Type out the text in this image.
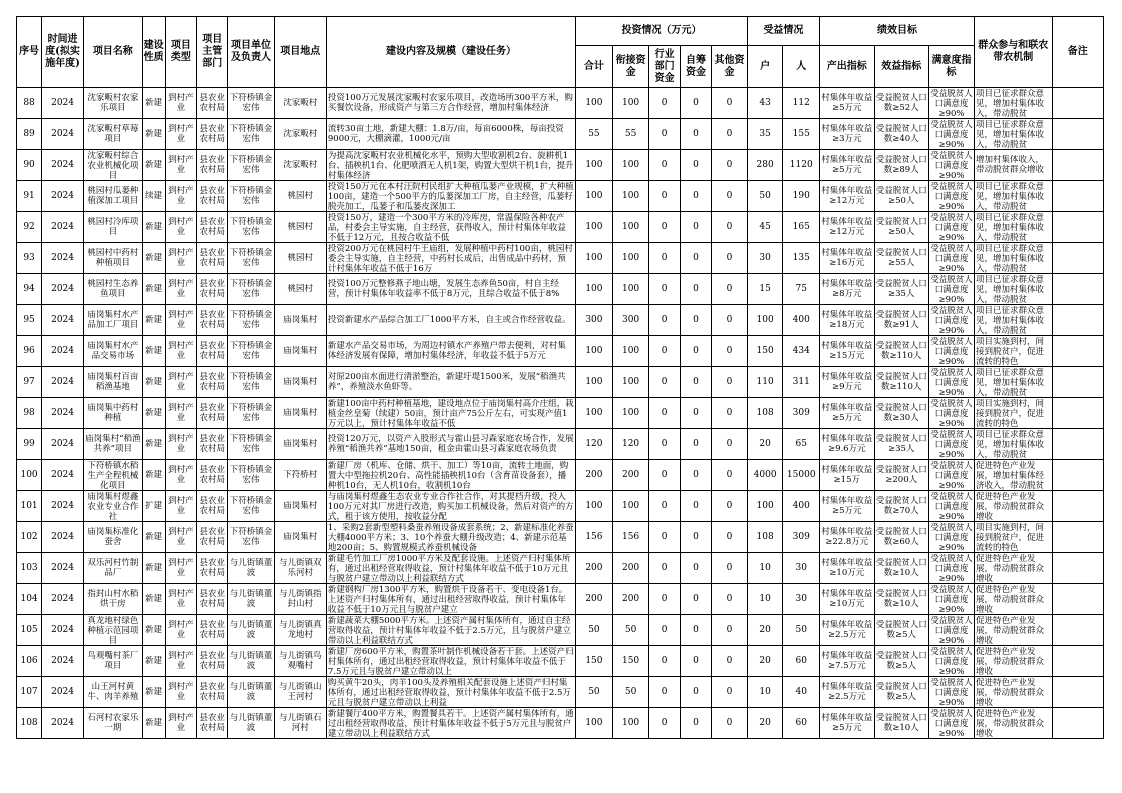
序号	时间进度(拟实施年度)	项目名称	建设性质	项目类型	项目主管部门	项目单位及负责人	项目地点	建设内容及规模（建设任务）	投资情况（万元）					受益情况		绩效目标			群众参与和联农带农机制	备注
									合计	衔接资金	行业部门资金	自筹资金	其他资金	户	人	产出指标	效益指标	满意度指标		

88	2024	沈家畈村农家乐项目	新建	到村产业	县农业农村局	下符桥镇金宏伟	沈家畈村	投资100万元发展沈家畈村农家乐项目，改造场所300平方米，购买餐饮设备，形成资产与第三方合作经营，增加村集体经济	100	100	0	0	0	43	112	村集体年收益≥5万元	受益脱贫人口数≥52人	受益脱贫人口满意度≥90%	项目已征求群众意见，增加村集体收入，带动脱贫	

89	2024	沈家畈村草莓项目	新建	到村产业	县农业农村局	下符桥镇金宏伟	沈家畈村	流转30亩土地，新建大棚：1.8万/亩，每亩6000株，每亩投资9000元，大棚滴灌，1000元/亩	55	55	0	0	0	35	155	村集体年收益≥3万元	受益脱贫人口数≥40人	受益脱贫人口满意度≥90%	项目已征求群众意见，增加村集体收入，带动脱贫	

90	2024	沈家畈村综合农业机械化项目	新建	到村产业	县农业农村局	下符桥镇金宏伟	沈家畈村	为提高沈家畈村农业机械化水平，预购大型收割机2台、旋耕机1台、插秧机1台、化肥喷洒无人机1架，购置大型烘干机1台，提升村集体经济	100	100	0	0	0	280	1120	村集体年收益≥5万元	受益脱贫人口数≥89人	受益脱贫人口满意度≥90%	增加村集体收入，带动脱贫群众增收	

91	2024	桃园村瓜蒌种植深加工项目	续建	到村产业	县农业农村局	下符桥镇金宏伟	桃园村	投资150万元在本村汪院村民组扩大种植瓜蒌产业规模，扩大种植100亩，建造一个500平方的瓜蒌深加工厂房，自主经营，瓜蒌籽脱壳加工，瓜蒌子和瓜蒌皮深加工	100	100	0	0	0	50	190	村集体年收益≥12万元	受益脱贫人口≥50人	受益脱贫人口满意度≥90%	项目已征求群众意见，增加村集体收入，带动脱贫	

92	2024	桃园村冷库项目	新建	到村产业	县农业农村局	下符桥镇金宏伟	桃园村	投资150万，建造一个300平方米的冷库房，常温保险各种农产品，村委会主导实施，自主经营，获得收入，预计村集体年收益不低于12万元，且按合收益不低	100	100	0	0	0	45	165	村集体年收益≥12万元	受益脱贫人口≥50人	受益脱贫人口满意度≥90%	项目已征求群众意见，增加村集体收入，带动脱贫	

93	2024	桃园村中药村种植项目	新建	到村产业	县农业农村局	下符桥镇金宏伟	桃园村	投资200万元在桃园村牛王庙组，发展种植中药村100亩，桃园村委会主导实施，自主经营，中药村长成后，出售成品中药材，预计村集体年收益不低于16万	100	100	0	0	0	30	135	村集体年收益≥16万元	受益脱贫人口≥55人	受益脱贫人口满意度≥90%	项目已征求群众意见，增加村集体收入，带动脱贫	

94	2024	桃园村生态养鱼项目	新建	到村产业	县农业农村局	下符桥镇金宏伟	桃园村	投资100万元整修燕子地山塘，发展生态养鱼50亩，村自主经营，预计村集体年收益率不低于8万元，且综合收益不低于8%	100	100	0	0	0	15	75	村集体年收益≥8万元	受益脱贫人口≥35人	受益脱贫人口满意度≥90%	项目已征求群众意见，增加村集体收入，带动脱贫	

95	2024	庙岗集村水产品加工厂项目	新建	到村产业	县农业农村局	下符桥镇金宏伟	庙岗集村	投资新建水产品综合加工厂1000平方米，自主或合作经营收益。	300	300	0	0	0	100	400	村集体年收益≥18万元	受益脱贫人口数≥91人	受益脱贫人口满意度≥90%	项目已征求群众意见，增加村集体收入，带动脱贫	

96	2024	庙岗集村水产品交易市场	新建	到村产业	县农业农村局	下符桥镇金宏伟	庙岗集村	新建水产品交易市场，为周边村镇水产养殖户带去便利，对村集体经济发展有保障，增加村集体经济，年收益不低于5万元	100	100	0	0	0	150	434	村集体年收益≥15万元	受益脱贫人口数≥110人	受益脱贫人口满意度≥90%	项目实施到村，间接到脱贫户，促进流转的特色	

97	2024	庙岗集村百亩稻渔基地	新建	到村产业	县农业农村局	下符桥镇金宏伟	庙岗集村	对原200亩水面进行清淤整治，新建圩堤1500米，发展“稻渔共养”，养殖淡水鱼虾等。	100	100	0	0	0	110	311	村集体年收益≥9万元	受益脱贫人口数≥110人	受益脱贫人口满意度≥90%	项目已征求群众意见，增加村集体收入，带动脱贫	

98	2024	庙岗集中药村种植	新建	到村产业	县农业农村局	下符桥镇金宏伟	庙岗集村	新建100亩中药村种植基地，建设地点位于庙岗集村高介庄组，栽植金丝皇菊（续建）50亩，预计亩产75公斤左右，可实现产值1万元以上，预计村集体年收益不低	100	100	0	0	0	108	309	村集体年收益≥5万元	受益脱贫人口数≥30人	受益脱贫人口满意度≥90%	项目实施到村，间接到脱贫户，促进流转的特色	

99	2024	庙岗集村“稻渔共养”项目	新建	到村产业	县农业农村局	下符桥镇金宏伟	庙岗集村	投资120万元，以资产入股形式与霍山县习森家庭农场合作，发展养殖“稻渔共养”基地150亩，租金由霍山县习森家庭农场负责	120	120	0	0	0	20	65	村集体年收益≥9.6万元	受益脱贫人口≥35人	受益脱贫人口满意度≥90%	项目已征求群众意见，增加村集体收入，带动脱贫	

100	2024	下符桥镇水稻生产全程机械化项目	新建	到村产业	县农业农村局	下符桥镇金宏伟	下符桥村	新建厂房（机库、仓储、烘干、加工）等10亩，流转土地面，购置大中型拖拉机20台、高性能插秧机10台（含育苗设备套），播种机10台，无人机10台，收割机10台	200	200	0	0	0	4000	15000	村集体年收益≥15万	受益脱贫人口≥200人	受益脱贫人口满意度≥90%	促进特色产业发展，增加村集体经济收入，带动脱贫	

101	2024	庙岗集村煜鑫农业专业合作社	扩建	到村产业	县农业农村局	下符桥镇金宏伟	庙岗集村	与庙岗集村煜鑫生态农业专业合作社合作，对其提档升级，投入100万元对其厂房进行改造，购买加工机械设备，然后对资产的方式，租于该方使用，按收益分配	100	100	0	0	0	100	400	村集体年收益≥5万元	受益脱贫人口数≥70人	受益脱贫人口满意度≥90%	促进特色产业发展，带动脱贫群众增收	

102	2024	庙岗集标准化蚕舍	新建	到村产业	县农业农村局	下符桥镇金宏伟	庙岗集村	1、采购2套新型塑料桑蚕养殖设备成套系统；2、新建标准化养蚕大棚4000平方米；3、10个养蚕大棚升级改造；4、新建示范基地200亩；5、购置规模式养蚕机械设备	156	156	0	0	0	108	309	村集体年收益≥22.8万元	受益脱贫人口数≥60人	受益脱贫人口满意度≥90%	项目实施到村，间接到脱贫户，促进流转的特色	

103	2024	双乐河村竹制品厂	新建	到村产业	县农业农村局	与儿街镇董波	与儿街镇双乐河村	新建毛竹加工厂房1000平方米及配套设施。上述资产归村集体所有，通过出租经营取得收益，预计村集体年收益不低于10万元且与脱贫户建立带动以上利益联结方式	200	200	0	0	0	10	30	村集体年收益≥10万元	受益脱贫人口数≥10人	受益脱贫人口满意度≥90%	促进特色产业发展，带动脱贫群众增收	

104	2024	指封山村水稻烘干房	新建	到村产业	县农业农村局	与儿街镇董波	与儿街镇指封山村	新建钢构厂房1300平方米，购置烘干设备若干、变电设备1台。上述资产归村集体所有，通过出租经营取得收益，预计村集体年收益不低于10万元且与脱贫户建立	200	200	0	0	0	10	30	村集体年收益≥10万元	受益脱贫人口数≥10人	受益脱贫人口满意度≥90%	促进特色产业发展，带动脱贫群众增收	

105	2024	真龙地村绿色种植示范园项目	新建	到村产业	县农业农村局	与儿街镇董波	与儿街镇真龙地村	新建蔬菜大棚5000平方米。上述资产属村集体所有，通过自主经营取得收益，预计村集体年收益不低于2.5万元，且与脱贫户建立带动以上利益联结方式	50	50	0	0	0	20	50	村集体年收益≥2.5万元	受益脱贫人口数≥5人	受益脱贫人口满意度≥90%	促进特色产业发展，带动脱贫群众增收	

106	2024	鸟观嘴村茶厂项目	新建	到村产业	县农业农村局	与儿街镇董波	与儿街镇鸟观嘴村	新建厂房600平方米，购置茶叶制作机械设备若干套。上述资产归村集体所有，通过出租经营取得收益，预计村集体年收益不低于7.5万元且与脱贫户建立带动以上	150	150	0	0	0	20	60	村集体年收益≥7.5万元	受益脱贫人口数≥5人	受益脱贫人口满意度≥90%	促进特色产业发展，带动脱贫群众增收	

107	2024	山王河村黄牛、肉羊养殖	新建	到村产业	县农业农村局	与儿街镇董波	与儿街镇山王河村	购买黄牛20头，肉羊100头及养殖相关配套设施上述资产归村集体所有，通过出租经营取得收益，预计村集体年收益不低于2.5万元且与脱贫户建立带动以上利益	50	50	0	0	0	10	40	村集体年收益≥2.5万元	受益脱贫人口数≥5人	受益脱贫人口满意度≥90%	促进特色产业发展，带动脱贫群众增收	

108	2024	石河村农家乐一期	新建	到村产业	县农业农村局	与儿街镇董波	与儿街镇石河村	新建餐厅400平方米，购置餐具若干。上述资产属村集体所有，通过出租经营取得收益，预计村集体年收益不低于5万元且与脱贫户建立带动以上利益联结方式	100	100	0	0	0	20	60	村集体年收益≥5万元	受益脱贫人口数≥10人	受益脱贫人口满意度≥90%	促进特色产业发展，带动脱贫群众增收	
